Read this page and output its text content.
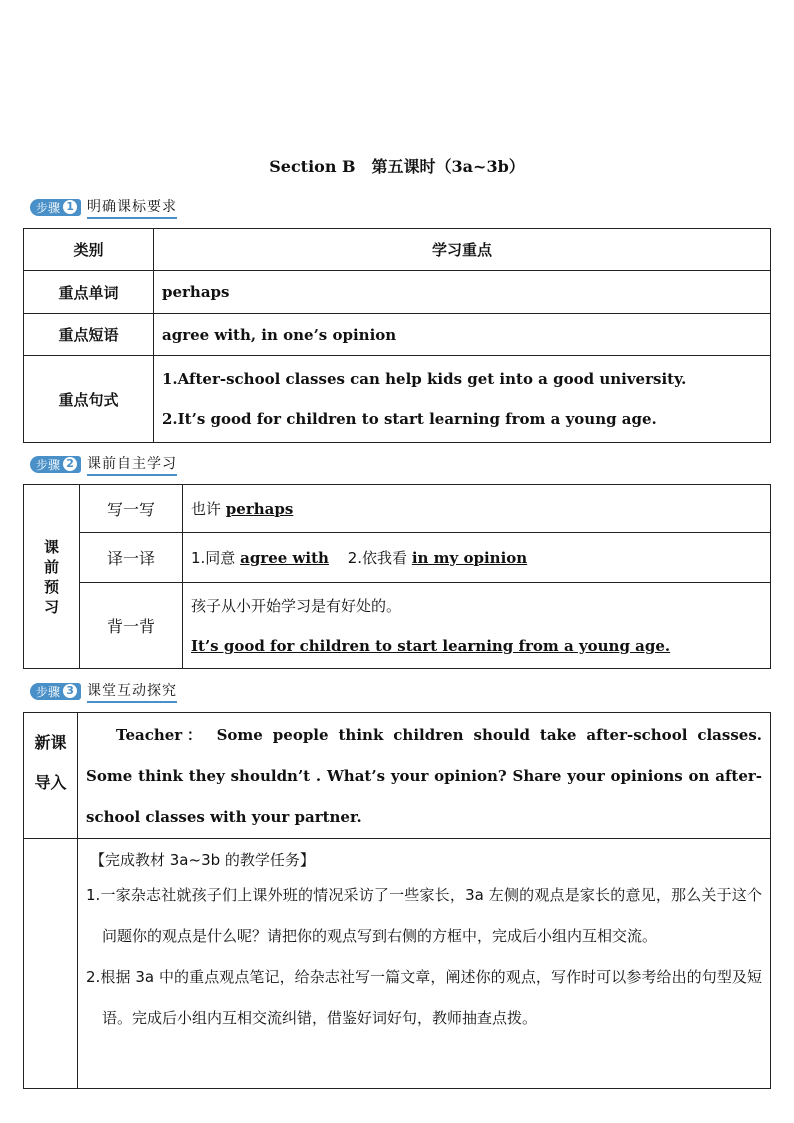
Section B　第五课时（3a~3b）
步骤 1 明确课标要求
类别	学习重点
重点单词	perhaps
重点短语	agree with, in one’s opinion
重点句式	1.After-school classes can help kids get into a good university.
2.It’s good for children to start learning from a young age.
步骤 2 课前自主学习
课前预习	写一写	也许 perhaps
	译一译	1.同意 agree with 2.依我看 in my opinion
	背一背	孩子从小开始学习是有好处的。
It’s good for children to start learning from a young age.
步骤 3 课堂互动探究
新课导入	Teacher： Some people think children should take after-school classes. Some think they shouldn’t . What’s your opinion? Share your opinions on after-school classes with your partner.

	【完成教材 3a~3b 的教学任务】
1.一家杂志社就孩子们上课外班的情况采访了一些家长，3a 左侧的观点是家长的意见，那么关于这个问题你的观点是什么呢？请把你的观点写到右侧的方框中，完成后小组内互相交流。
2.根据 3a 中的重点观点笔记，给杂志社写一篇文章，阐述你的观点，写作时可以参考给出的句型及短语。完成后小组内互相交流纠错，借鉴好词好句，教师抽查点拨。
